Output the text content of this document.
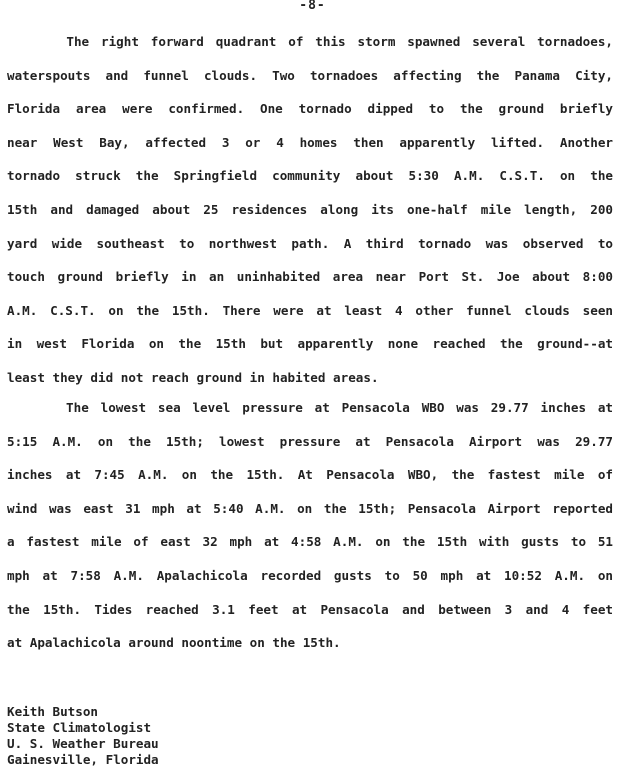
-8-
The right forward quadrant of this storm spawned several tornadoes,
waterspouts and funnel clouds. Two tornadoes affecting the Panama City,
Florida area were confirmed. One tornado dipped to the ground briefly
near West Bay, affected 3 or 4 homes then apparently lifted. Another
tornado struck the Springfield community about 5:30 A.M. C.S.T. on the
15th and damaged about 25 residences along its one-half mile length, 200
yard wide southeast to northwest path. A third tornado was observed to
touch ground briefly in an uninhabited area near Port St. Joe about 8:00
A.M. C.S.T. on the 15th. There were at least 4 other funnel clouds seen
in west Florida on the 15th but apparently none reached the ground--at
least they did not reach ground in habited areas.
The lowest sea level pressure at Pensacola WBO was 29.77 inches at
5:15 A.M. on the 15th; lowest pressure at Pensacola Airport was 29.77
inches at 7:45 A.M. on the 15th. At Pensacola WBO, the fastest mile of
wind was east 31 mph at 5:40 A.M. on the 15th; Pensacola Airport reported
a fastest mile of east 32 mph at 4:58 A.M. on the 15th with gusts to 51
mph at 7:58 A.M. Apalachicola recorded gusts to 50 mph at 10:52 A.M. on
the 15th. Tides reached 3.1 feet at Pensacola and between 3 and 4 feet
at Apalachicola around noontime on the 15th.
Keith Butson
State Climatologist
U. S. Weather Bureau
Gainesville, Florida
